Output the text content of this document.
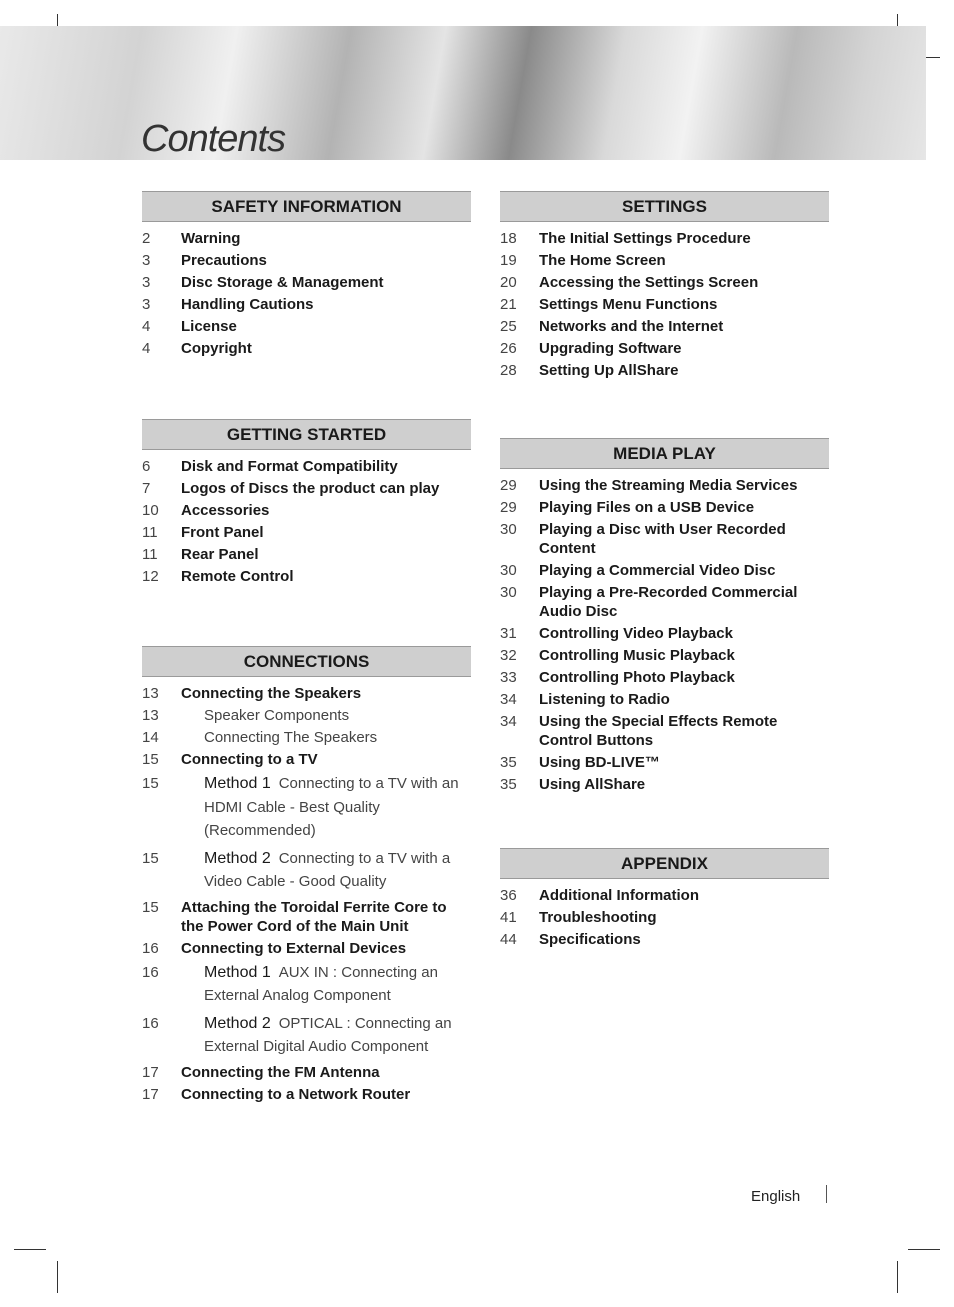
Contents
SAFETY INFORMATION
2	Warning
3	Precautions
3	Disc Storage & Management
3	Handling Cautions
4	License
4	Copyright
GETTING STARTED
6	Disk and Format Compatibility
7	Logos of Discs the product can play
10	Accessories
11	Front Panel
11	Rear Panel
12	Remote Control
CONNECTIONS
13	Connecting the Speakers
13	Speaker Components
14	Connecting The Speakers
15	Connecting to a TV
15	Method 1 Connecting to a TV with an HDMI Cable - Best Quality (Recommended)
15	Method 2 Connecting to a TV with a Video Cable - Good Quality
15	Attaching the Toroidal Ferrite Core to the Power Cord of the Main Unit
16	Connecting to External Devices
16	Method 1 AUX IN : Connecting an External Analog Component
16	Method 2 OPTICAL : Connecting an External Digital Audio Component
17	Connecting the FM Antenna
17	Connecting to a Network Router
SETTINGS
18	The Initial Settings Procedure
19	The Home Screen
20	Accessing the Settings Screen
21	Settings Menu Functions
25	Networks and the Internet
26	Upgrading Software
28	Setting Up AllShare
MEDIA PLAY
29	Using the Streaming Media Services
29	Playing Files on a USB Device
30	Playing a Disc with User Recorded Content
30	Playing a Commercial Video Disc
30	Playing a Pre-Recorded Commercial Audio Disc
31	Controlling Video Playback
32	Controlling Music Playback
33	Controlling Photo Playback
34	Listening to Radio
34	Using the Special Effects Remote Control Buttons
35	Using BD-LIVE™
35	Using AllShare
APPENDIX
36	Additional Information
41	Troubleshooting
44	Specifications
English
